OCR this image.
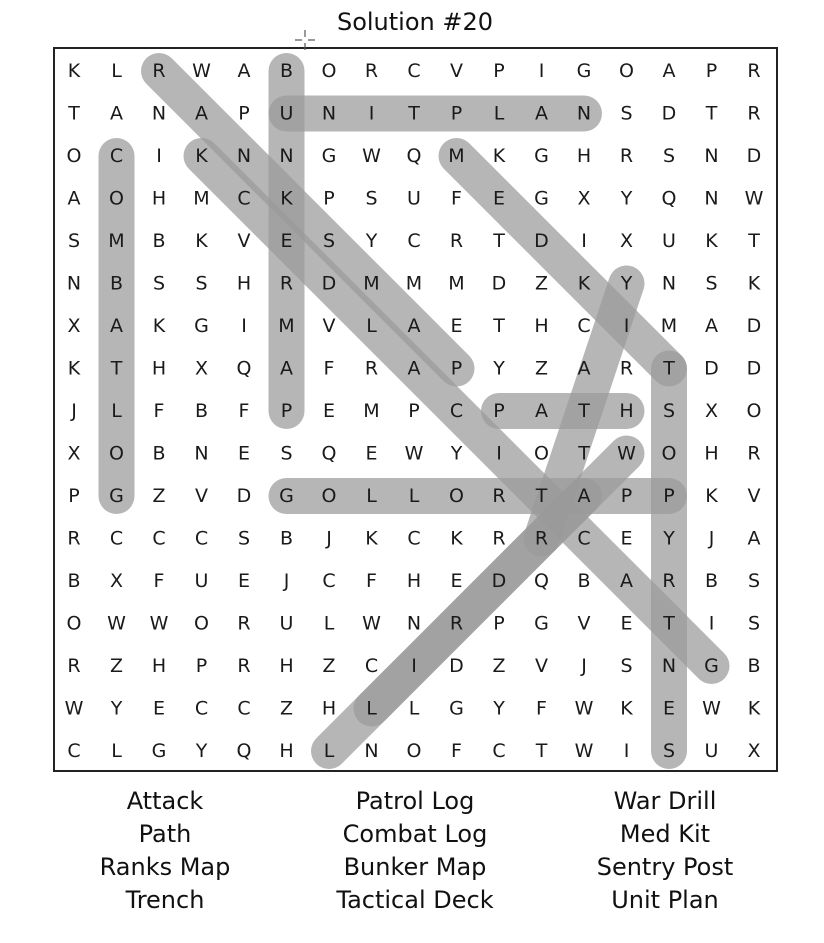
Solution #20
K L R W A B O R C V P I G O A P R
T A N A P U N I T P L A N S D T R
O C I K N N G W Q M K G H R S N D
A O H M C K P S U F E G X Y Q N W
S M B K V E S Y C R T D I X U K T
N B S S H R D M M M D Z K Y N S K
X A K G I M V L A E T H C I M A D
K T H X Q A F R A P Y Z A R T D D
J L F B F P E M P C P A T H S X O
X O B N E S Q E W Y I O T W O H R
P G Z V D G O L L O R T A P P K V
R C C C S B J K C K R R C E Y J A
B X F U E J C F H E D Q B A R B S
O W W O R U L W N R P G V E T I S
R Z H P R H Z C I D Z V J S N G B
W Y E C C Z H L L G Y F W K E W K
C L G Y Q H L N O F C T W I S U X
Attack
Path
Ranks Map
Trench
Patrol Log
Combat Log
Bunker Map
Tactical Deck
War Drill
Med Kit
Sentry Post
Unit Plan
